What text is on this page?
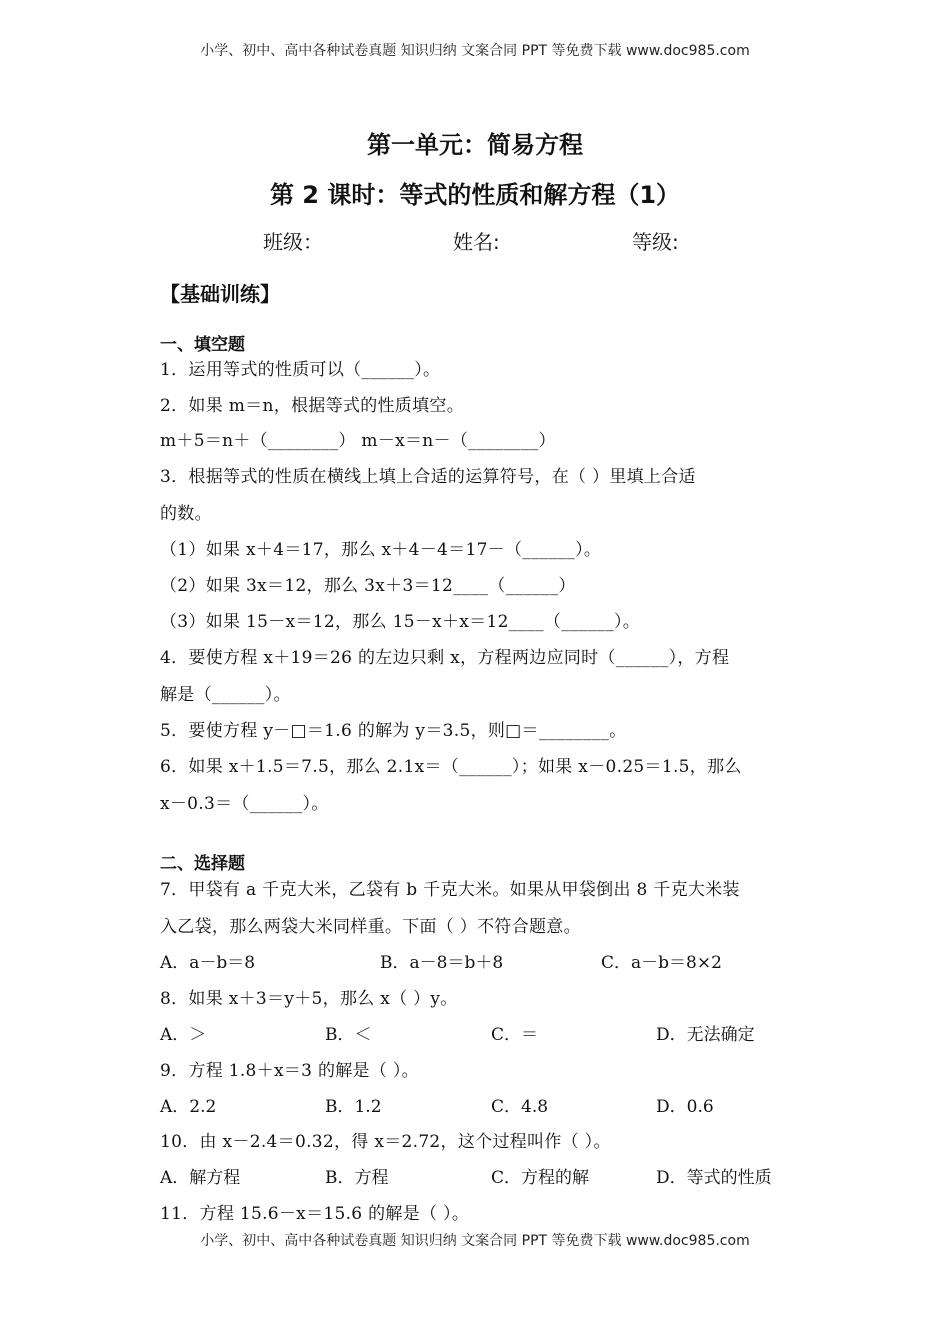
小学、初中、高中各种试卷真题 知识归纳 文案合同 PPT 等免费下载 www.doc985.com
第一单元：简易方程
第 2 课时：等式的性质和解方程（1）
班级：	姓名:	等级:
【基础训练】
一、填空题
1．运用等式的性质可以（______）。
2．如果 m＝n，根据等式的性质填空。
m＋5＝n＋（________） m－x＝n－（________）
3．根据等式的性质在横线上填上合适的运算符号，在（ ）里填上合适
的数。
（1）如果 x＋4＝17，那么 x＋4－4＝17－（______）。
（2）如果 3x＝12，那么 3x＋3＝12____（______）
（3）如果 15－x＝12，那么 15－x＋x＝12____（______）。
4．要使方程 x＋19＝26 的左边只剩 x，方程两边应同时（______），方程
解是（______）。
5．要使方程 y－□＝1.6 的解为 y＝3.5，则□＝________。
6．如果 x＋1.5＝7.5，那么 2.1x＝（______）；如果 x－0.25＝1.5，那么
x－0.3＝（______）。
二、选择题
7．甲袋有 a 千克大米，乙袋有 b 千克大米。如果从甲袋倒出 8 千克大米装
入乙袋，那么两袋大米同样重。下面（ ）不符合题意。
A．a－b＝8	B．a－8＝b＋8	C．a－b＝8×2
8．如果 x＋3＝y＋5，那么 x（ ）y。
A．＞	B．＜	C．＝	D．无法确定
9．方程 1.8＋x＝3 的解是（ ）。
A．2.2	B．1.2	C．4.8	D．0.6
10．由 x－2.4＝0.32，得 x＝2.72，这个过程叫作（ ）。
A．解方程	B．方程	C．方程的解	D．等式的性质
11．方程 15.6－x＝15.6 的解是（ ）。
小学、初中、高中各种试卷真题 知识归纳 文案合同 PPT 等免费下载 www.doc985.com
